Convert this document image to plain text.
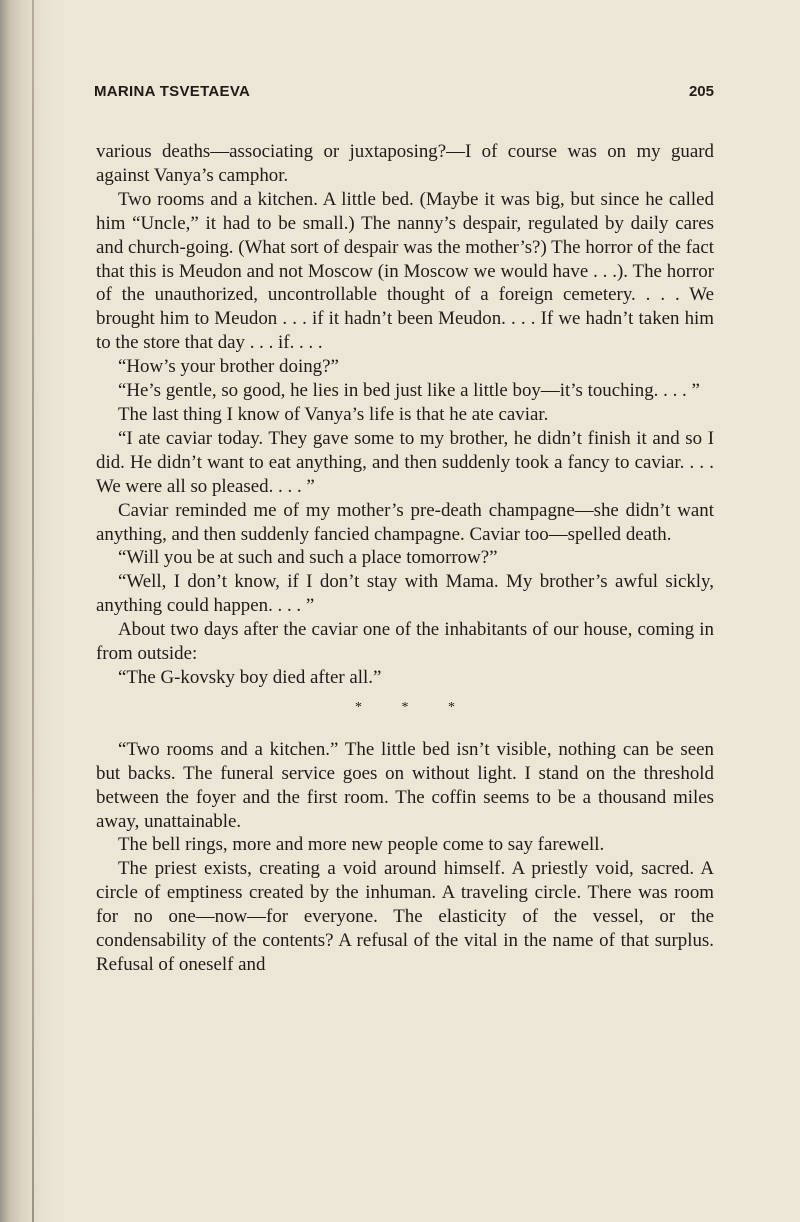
MARINA TSVETAEVA	205

various deaths—associating or juxtaposing?—I of course was on my guard against Vanya’s camphor.

Two rooms and a kitchen. A little bed. (Maybe it was big, but since he called him “Uncle,” it had to be small.) The nanny’s despair, regulated by daily cares and church-going. (What sort of despair was the mother’s?) The horror of the fact that this is Meudon and not Moscow (in Moscow we would have . . .). The horror of the unauthorized, uncontrollable thought of a foreign cemetery. . . . We brought him to Meudon . . . if it hadn’t been Meudon. . . . If we hadn’t taken him to the store that day . . . if. . . .

“How’s your brother doing?”

“He’s gentle, so good, he lies in bed just like a little boy—it’s touching. . . . ”

The last thing I know of Vanya’s life is that he ate caviar.

“I ate caviar today. They gave some to my brother, he didn’t finish it and so I did. He didn’t want to eat anything, and then suddenly took a fancy to caviar. . . . We were all so pleased. . . . ”

Caviar reminded me of my mother’s pre-death champagne—she didn’t want anything, and then suddenly fancied champagne. Caviar too—spelled death.

“Will you be at such and such a place tomorrow?”

“Well, I don’t know, if I don’t stay with Mama. My brother’s awful sickly, anything could happen. . . . ”

About two days after the caviar one of the inhabitants of our house, coming in from outside:

“The G-kovsky boy died after all.”

* * *

“Two rooms and a kitchen.” The little bed isn’t visible, nothing can be seen but backs. The funeral service goes on without light. I stand on the threshold between the foyer and the first room. The coffin seems to be a thousand miles away, unattainable.

The bell rings, more and more new people come to say farewell.

The priest exists, creating a void around himself. A priestly void, sacred. A circle of emptiness created by the inhuman. A traveling circle. There was room for no one—now—for everyone. The elasticity of the vessel, or the condensability of the contents? A refusal of the vital in the name of that surplus. Refusal of oneself and
